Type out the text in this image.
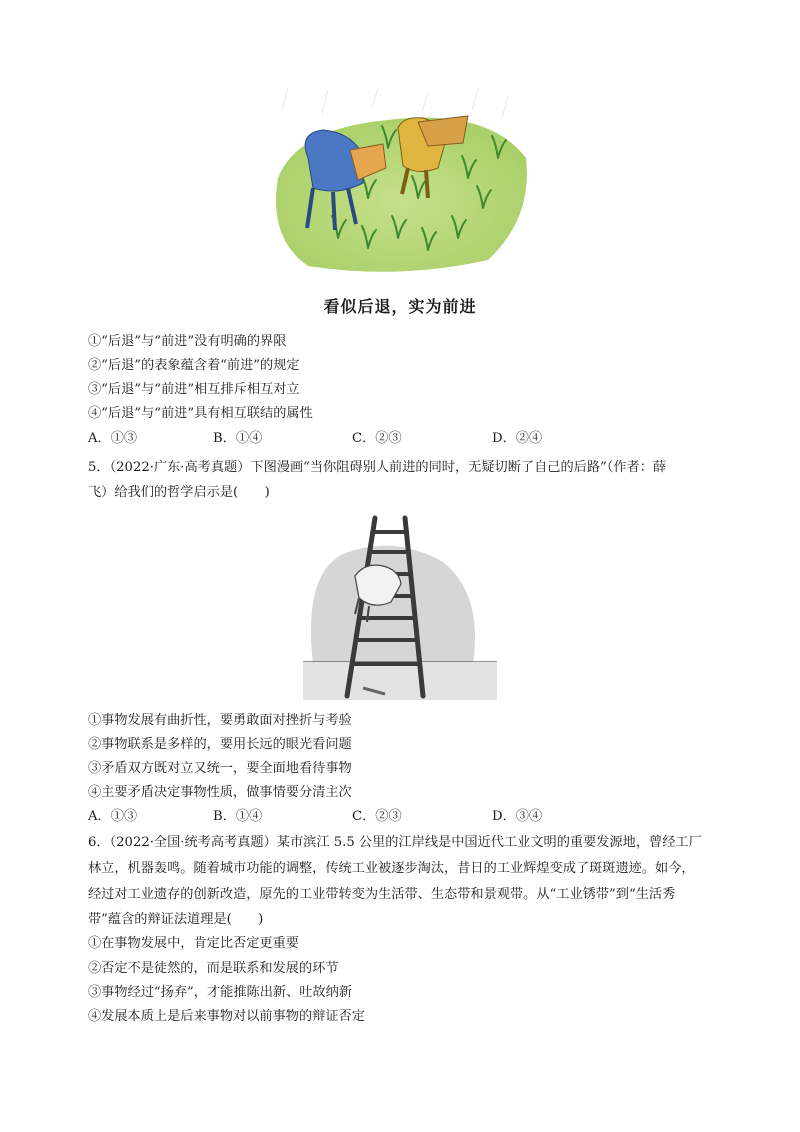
看似后退，实为前进
①“后退”与“前进”没有明确的界限
②“后退”的表象蕴含着“前进”的规定
③“后退”与“前进”相互排斥相互对立
④“后退”与“前进”具有相互联结的属性
A．①③	B．①④	C．②③	D．②④
5．（2022·广东·高考真题）下图漫画“当你阻碍别人前进的同时，无疑切断了自己的后路”（作者：薛
飞）给我们的哲学启示是(　　)
①事物发展有曲折性，要勇敢面对挫折与考验
②事物联系是多样的，要用长远的眼光看问题
③矛盾双方既对立又统一，要全面地看待事物
④主要矛盾决定事物性质，做事情要分清主次
A．①③	B．①④	C．②③	D．③④
6．（2022·全国·统考高考真题）某市滨江 5.5 公里的江岸线是中国近代工业文明的重要发源地，曾经工厂
林立，机器轰鸣。随着城市功能的调整，传统工业被逐步淘汰，昔日的工业辉煌变成了斑斑遗迹。如今，
经过对工业遗存的创新改造，原先的工业带转变为生活带、生态带和景观带。从“工业锈带”到“生活秀
带”蕴含的辩证法道理是(　　)
①在事物发展中，肯定比否定更重要
②否定不是徒然的，而是联系和发展的环节
③事物经过“扬弃”，才能推陈出新、吐故纳新
④发展本质上是后来事物对以前事物的辩证否定
